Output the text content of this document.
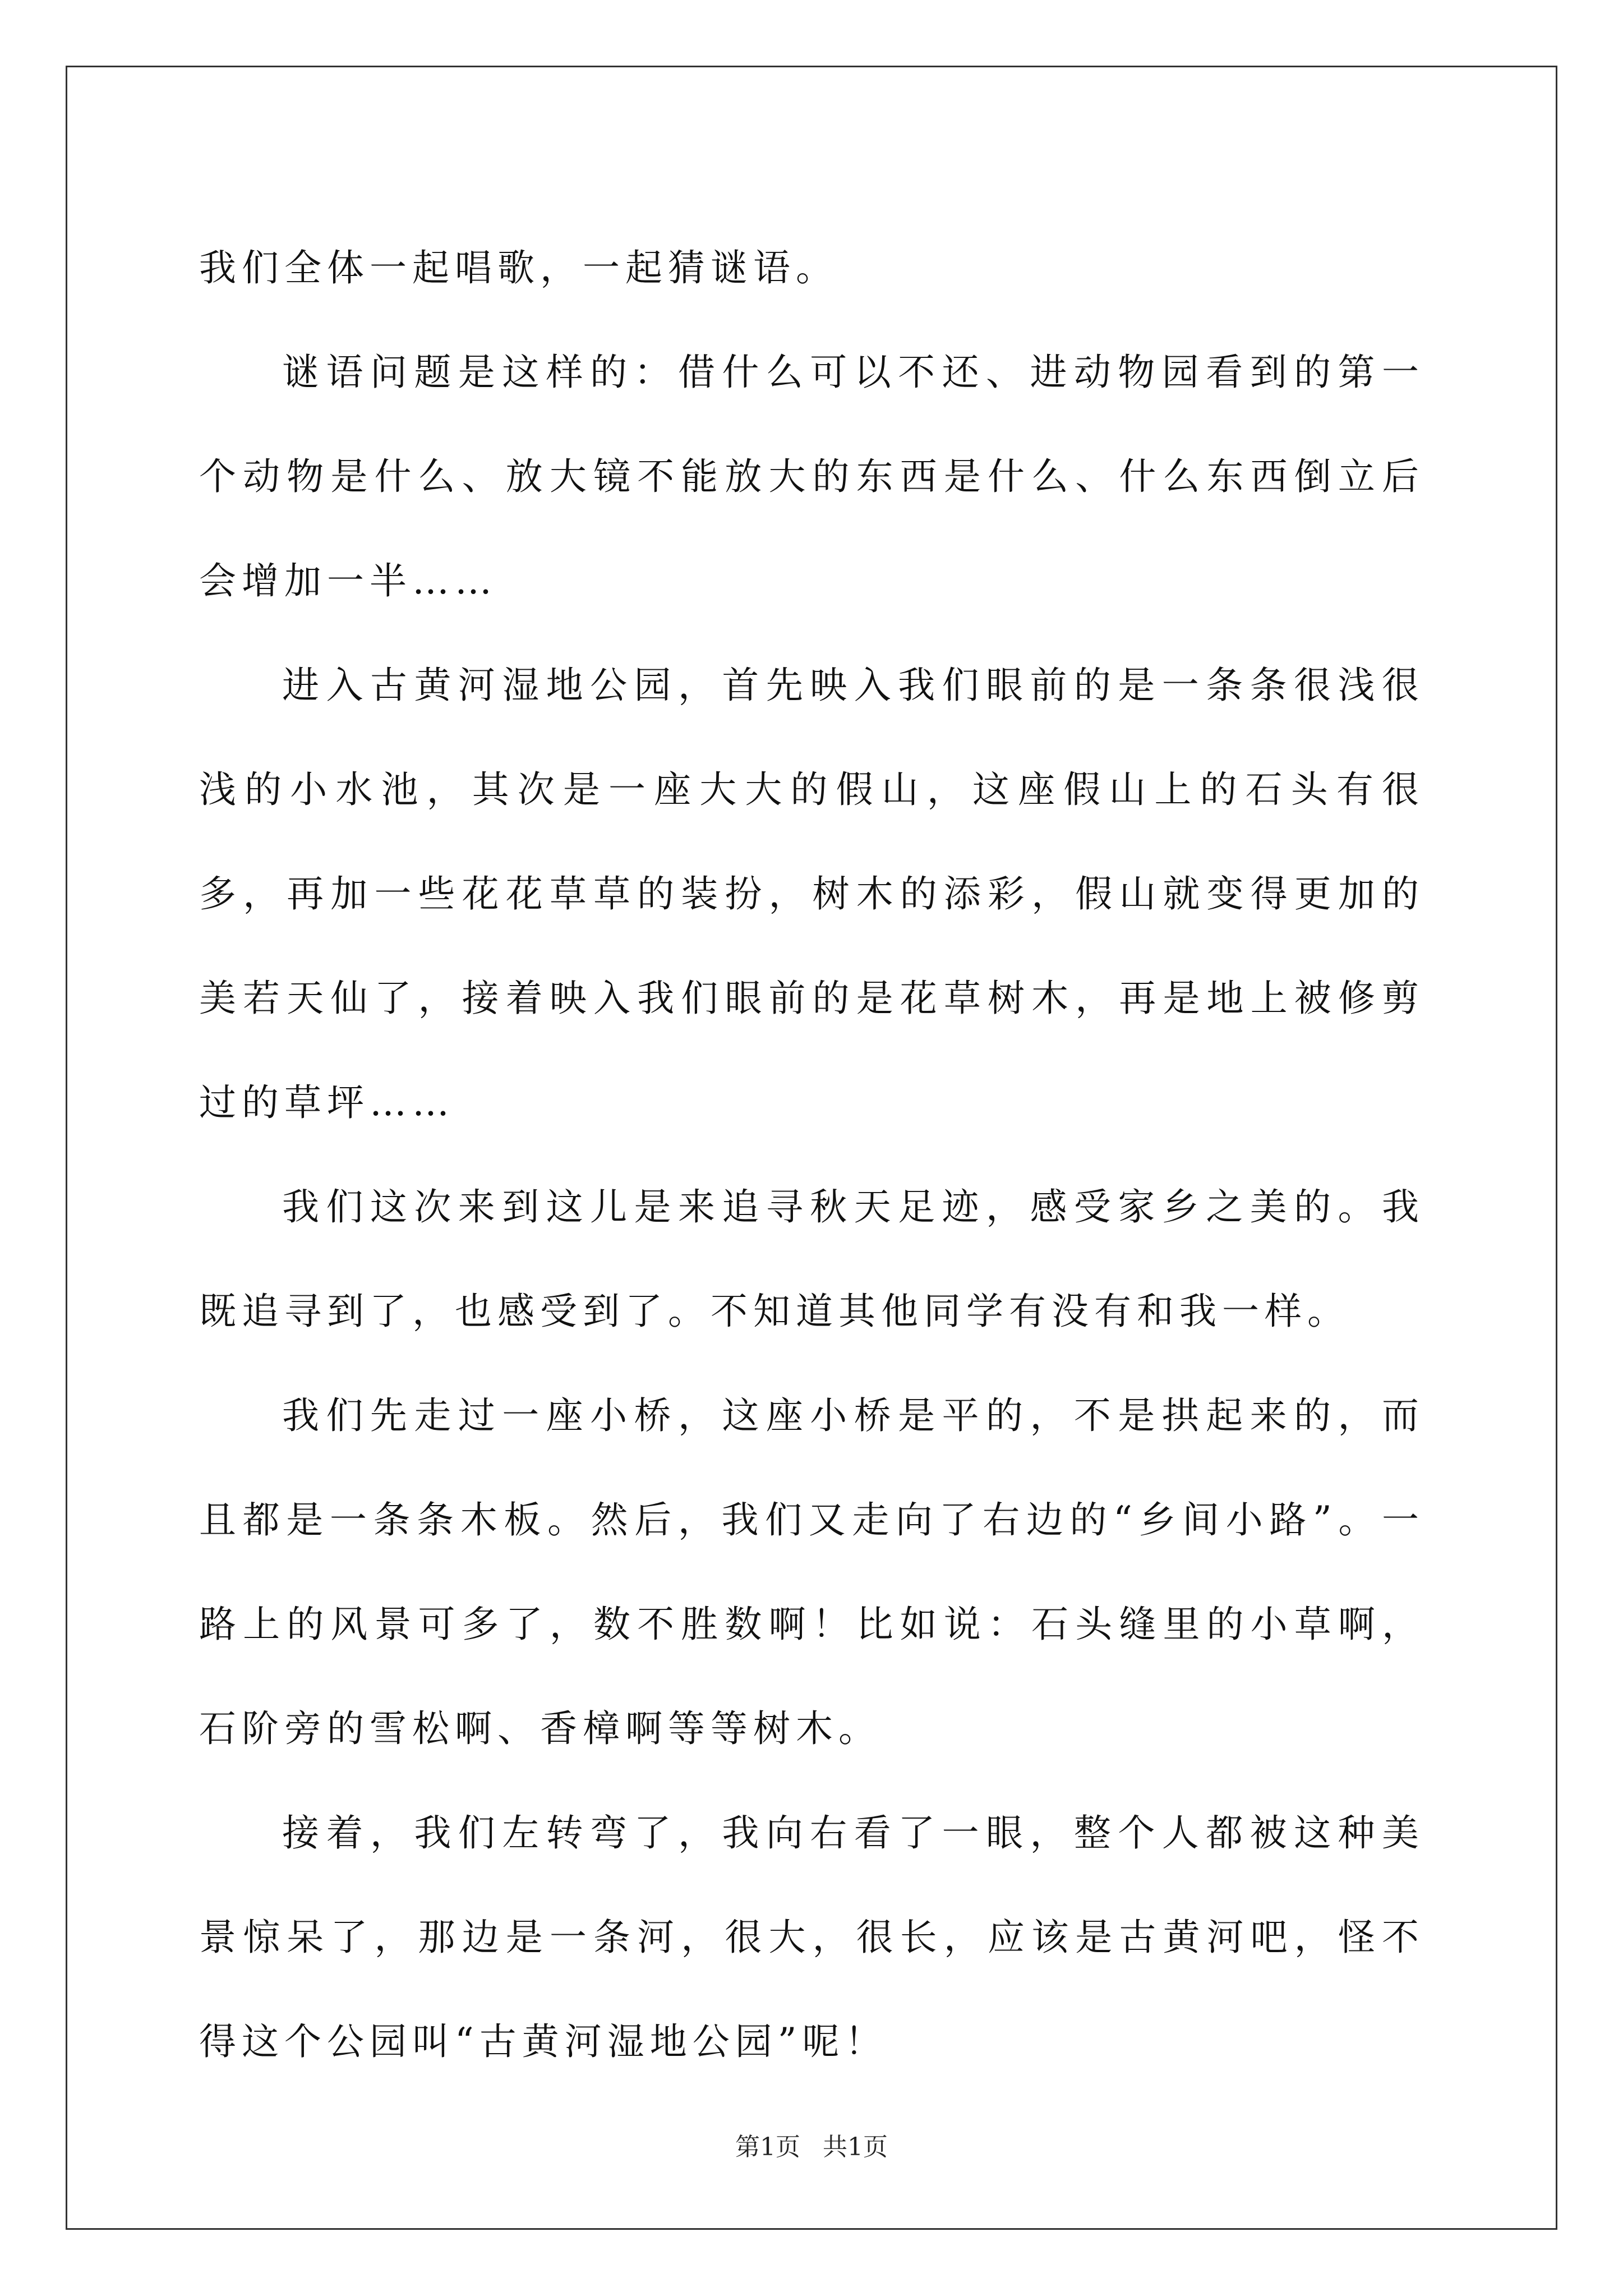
我们全体一起唱歌，一起猜谜语。

谜语问题是这样的：借什么可以不还、进动物园看到的第一个动物是什么、放大镜不能放大的东西是什么、什么东西倒立后会增加一半……

进入古黄河湿地公园，首先映入我们眼前的是一条条很浅很浅的小水池，其次是一座大大的假山，这座假山上的石头有很多，再加一些花花草草的装扮，树木的添彩，假山就变得更加的美若天仙了，接着映入我们眼前的是花草树木，再是地上被修剪过的草坪……

我们这次来到这儿是来追寻秋天足迹，感受家乡之美的。我既追寻到了，也感受到了。不知道其他同学有没有和我一样。

我们先走过一座小桥，这座小桥是平的，不是拱起来的，而且都是一条条木板。然后，我们又走向了右边的“乡间小路”。一路上的风景可多了，数不胜数啊！比如说：石头缝里的小草啊，石阶旁的雪松啊、香樟啊等等树木。

接着，我们左转弯了，我向右看了一眼，整个人都被这种美景惊呆了，那边是一条河，很大，很长，应该是古黄河吧，怪不得这个公园叫“古黄河湿地公园”呢！

第1页 共1页
